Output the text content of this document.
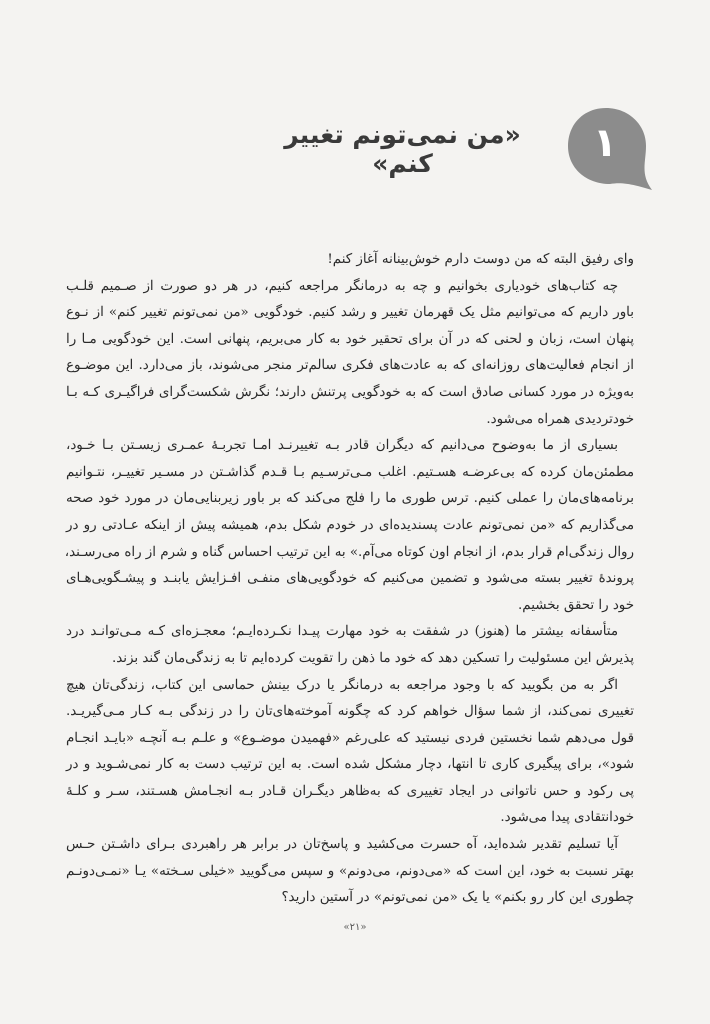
۱
«من نمی‌تونم تغییر کنم»
وای رفیق البته که من دوست دارم خوش‌بینانه آغاز کنم!
چه کتاب‌های خودیاری بخوانیم و چه به درمانگر مراجعه کنیم، در هر دو صورت از صـمیم قلـب
باور داریم که می‌توانیم مثل یک قهرمان تغییر و رشد کنیم. خودگویی «من نمی‌تونم تغییر کنم» از نـوع
پنهان است، زبان و لحنی که در آن برای تحقیر خود به کار می‌بریم، پنهانی است. این خودگویی مـا را
از انجام فعالیت‌های روزانه‌ای که به عادت‌های فکری سالم‌تر منجر می‌شوند، باز می‌دارد. این موضـوع
به‌ویژه در مورد کسانی صادق است که به خودگویی پرتنش دارند؛ نگرش شکست‌گرای فراگیـری کـه بـا
خودتردیدی همراه می‌شود.
بسیاری از ما به‌وضوح می‌دانیم که دیگران قادر بـه تغییرنـد امـا تجربـهٔ عمـری زیسـتن بـا خـود،
مطمئن‌مان کرده که بی‌عرضـه هسـتیم. اغلب مـی‌ترسـیم بـا قـدم گذاشـتن در مسـیر تغییـر، نتـوانیم
برنامه‌های‌مان را عملی کنیم. ترس طوری ما را فلج می‌کند که بر باور زیربنایی‌مان در مورد خود صحه
می‌گذاریم که «من نمی‌تونم عادت پسندیده‌ای در خودم شکل بدم، همیشه پیش از اینکه عـادتی رو در
روال زندگی‌ام قرار بدم، از انجام اون کوتاه می‌آم.» به این ترتیب احساس گناه و شرم از راه می‌رسـند،
پروندهٔ تغییر بسته می‌شود و تضمین می‌کنیم که خودگویی‌های منفـی افـزایش یابنـد و پیشـگویی‌هـای
خود را تحقق بخشیم.
متأسفانه بیشتر ما (هنوز) در شفقت به خود مهارت پیـدا نکـرده‌ایـم؛ معجـزه‌ای کـه مـی‌توانـد درد
پذیرش این مسئولیت را تسکین دهد که خود ما ذهن را تقویت کرده‌ایم تا به زندگی‌مان گند بزند.
اگر به من بگویید که با وجود مراجعه به درمانگر یا درک بینش حماسی این کتاب، زندگی‌تان هیچ
تغییری نمی‌کند، از شما سؤال خواهم کرد که چگونه آموخته‌های‌تان را در زندگی بـه کـار مـی‌گیریـد.
قول می‌دهم شما نخستین فردی نیستید که علی‌رغم «فهمیدن موضـوع» و علـم بـه آنچـه «بایـد انجـام
شود»، برای پیگیری کاری تا انتها، دچار مشکل شده است. به این ترتیب دست به کار نمی‌شـوید و در
پی رکود و حس ناتوانی در ایجاد تغییری که به‌ظاهر دیگـران قـادر بـه انجـامش هسـتند، سـر و کلـهٔ
خودانتقادی پیدا می‌شود.
آیا تسلیم تقدیر شده‌اید، آه حسرت می‌کشید و پاسخ‌تان در برابر هر راهبردی بـرای داشـتن حـس
بهتر نسبت به خود، این است که «می‌دونم، می‌دونم» و سپس می‌گویید «خیلی سـخته» یـا «نمـی‌دونـم
چطوری این کار رو بکنم» یا یک «من نمی‌تونم» در آستین دارید؟
«۲۱»
